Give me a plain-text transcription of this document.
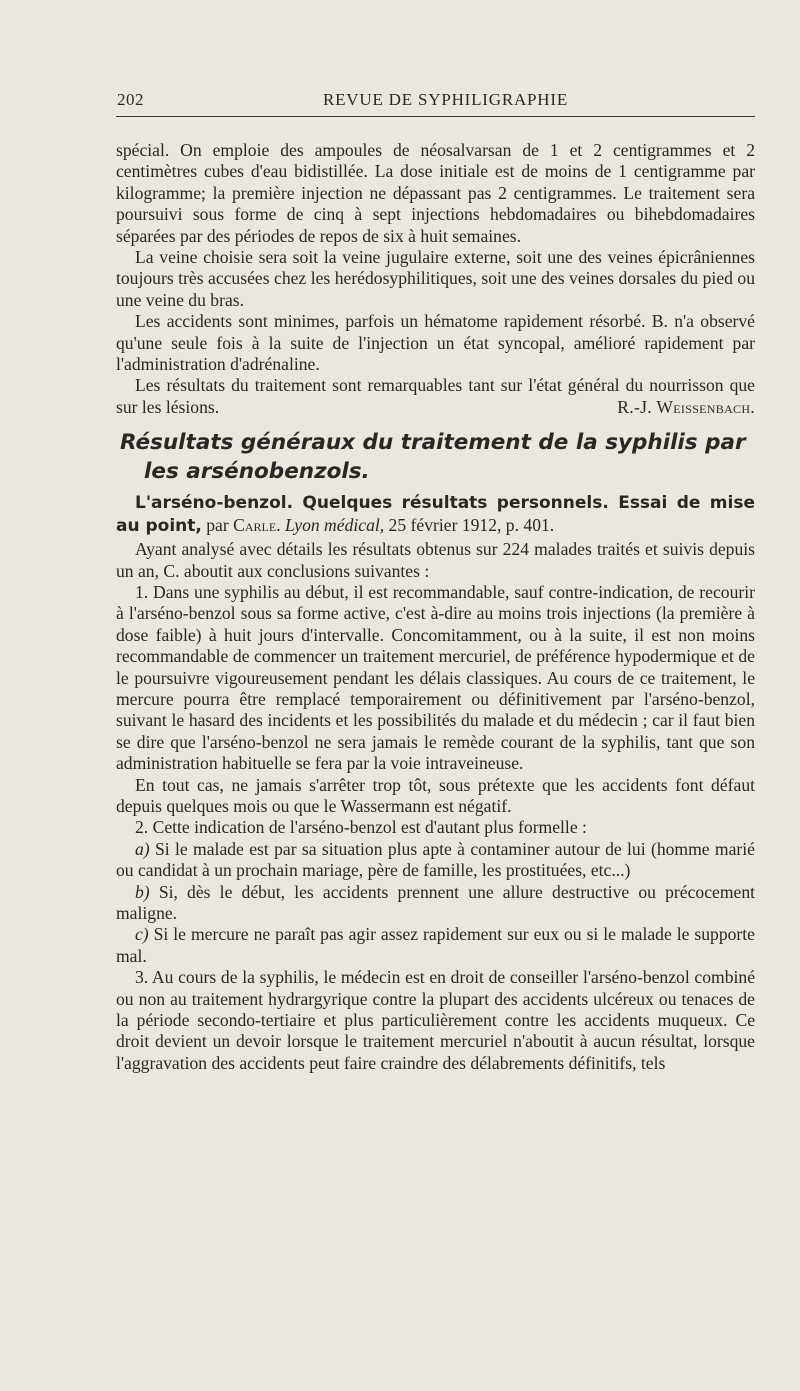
202	REVUE DE SYPHILIGRAPHIE

spécial. On emploie des ampoules de néosalvarsan de 1 et 2 centigrammes et 2 centimètres cubes d'eau bidistillée. La dose initiale est de moins de 1 centigramme par kilogramme; la première injection ne dépassant pas 2 centigrammes. Le traitement sera poursuivi sous forme de cinq à sept injections hebdomadaires ou bihebdomadaires séparées par des périodes de repos de six à huit semaines.

La veine choisie sera soit la veine jugulaire externe, soit une des veines épicrâniennes toujours très accusées chez les herédosyphilitiques, soit une des veines dorsales du pied ou une veine du bras.

Les accidents sont minimes, parfois un hématome rapidement résorbé. B. n'a observé qu'une seule fois à la suite de l'injection un état syncopal, amélioré rapidement par l'administration d'adrénaline.

Les résultats du traitement sont remarquables tant sur l'état général du nourrisson que sur les lésions.	R.-J. Weissenbach.

Résultats généraux du traitement de la syphilis par
les arsénobenzols.

L'arséno-benzol. Quelques résultats personnels. Essai de mise au point, par Carle. Lyon médical, 25 février 1912, p. 401.

Ayant analysé avec détails les résultats obtenus sur 224 malades traités et suivis depuis un an, C. aboutit aux conclusions suivantes :

1. Dans une syphilis au début, il est recommandable, sauf contre-indication, de recourir à l'arséno-benzol sous sa forme active, c'est à-dire au moins trois injections (la première à dose faible) à huit jours d'intervalle. Concomitamment, ou à la suite, il est non moins recommandable de commencer un traitement mercuriel, de préférence hypodermique et de le poursuivre vigoureusement pendant les délais classiques. Au cours de ce traitement, le mercure pourra être remplacé temporairement ou définitivement par l'arséno-benzol, suivant le hasard des incidents et les possibilités du malade et du médecin ; car il faut bien se dire que l'arséno-benzol ne sera jamais le remède courant de la syphilis, tant que son administration habituelle se fera par la voie intraveineuse.

En tout cas, ne jamais s'arrêter trop tôt, sous prétexte que les accidents font défaut depuis quelques mois ou que le Wassermann est négatif.

2. Cette indication de l'arséno-benzol est d'autant plus formelle :

a) Si le malade est par sa situation plus apte à contaminer autour de lui (homme marié ou candidat à un prochain mariage, père de famille, les prostituées, etc...)

b) Si, dès le début, les accidents prennent une allure destructive ou précocement maligne.

c) Si le mercure ne paraît pas agir assez rapidement sur eux ou si le malade le supporte mal.

3. Au cours de la syphilis, le médecin est en droit de conseiller l'arséno-benzol combiné ou non au traitement hydrargyrique contre la plupart des accidents ulcéreux ou tenaces de la période secondo-tertiaire et plus particulièrement contre les accidents muqueux. Ce droit devient un devoir lorsque le traitement mercuriel n'aboutit à aucun résultat, lorsque l'aggravation des accidents peut faire craindre des délabrements définitifs, tels
